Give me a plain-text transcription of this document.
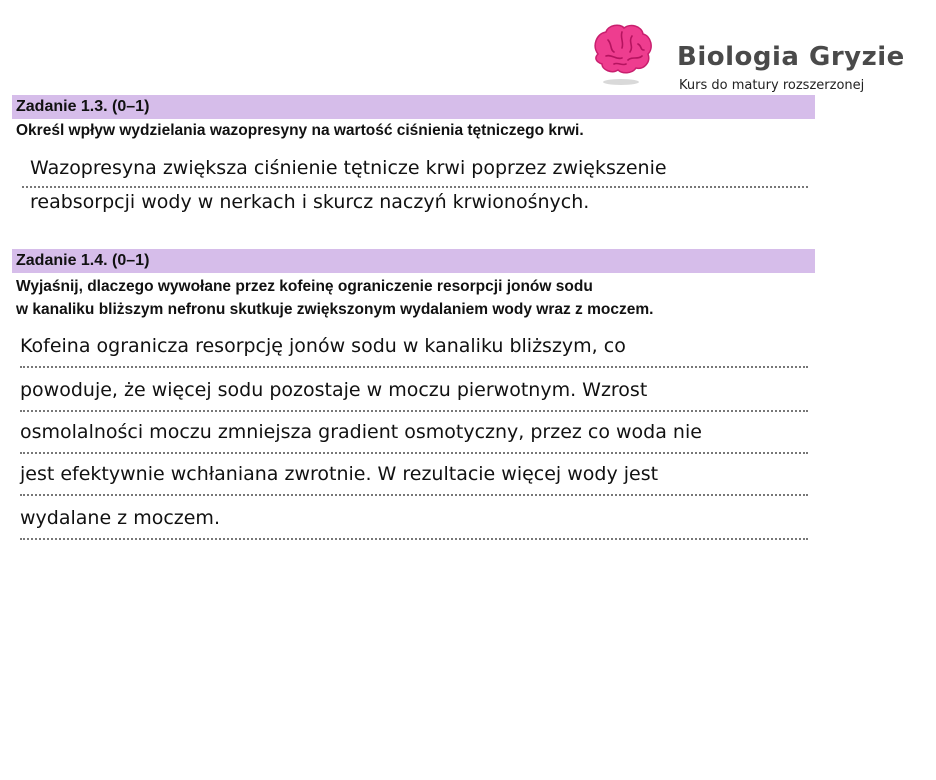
Biologia Gryzie
Kurs do matury rozszerzonej
Zadanie 1.3. (0–1)
Określ wpływ wydzielania wazopresyny na wartość ciśnienia tętniczego krwi.
Wazopresyna zwiększa ciśnienie tętnicze krwi poprzez zwiększenie
reabsorpcji wody w nerkach i skurcz naczyń krwionośnych.
Zadanie 1.4. (0–1)
Wyjaśnij, dlaczego wywołane przez kofeinę ograniczenie resorpcji jonów sodu
w kanaliku bliższym nefronu skutkuje zwiększonym wydalaniem wody wraz z moczem.
Kofeina ogranicza resorpcję jonów sodu w kanaliku bliższym, co
powoduje, że więcej sodu pozostaje w moczu pierwotnym. Wzrost
osmolalności moczu zmniejsza gradient osmotyczny, przez co woda nie
jest efektywnie wchłaniana zwrotnie. W rezultacie więcej wody jest
wydalane z moczem.
